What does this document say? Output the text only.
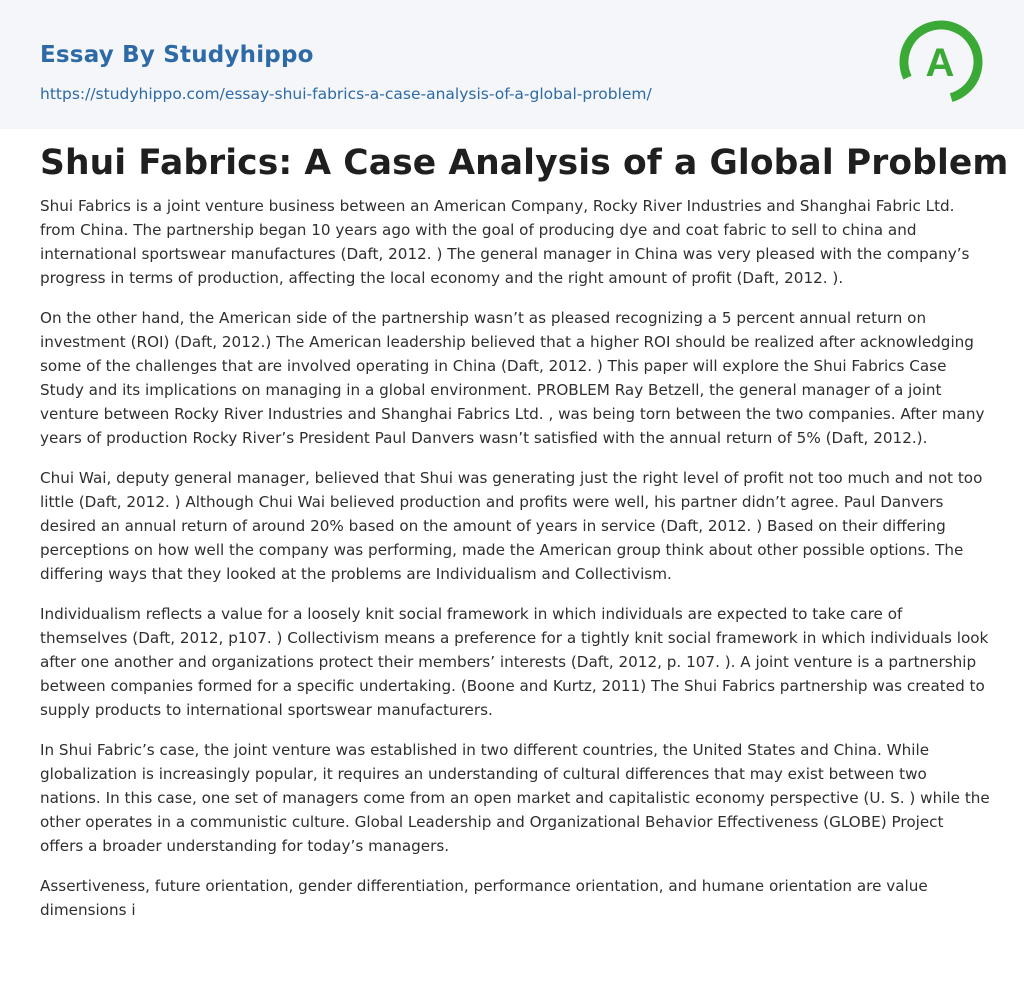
Essay By Studyhippo
https://studyhippo.com/essay-shui-fabrics-a-case-analysis-of-a-global-problem/
A
Shui Fabrics: A Case Analysis of a Global Problem

Shui Fabrics is a joint venture business between an American Company, Rocky River Industries and Shanghai Fabric Ltd. from China. The partnership began 10 years ago with the goal of producing dye and coat fabric to sell to china and international sportswear manufactures (Daft, 2012. ) The general manager in China was very pleased with the company’s progress in terms of production, affecting the local economy and the right amount of profit (Daft, 2012. ).

On the other hand, the American side of the partnership wasn’t as pleased recognizing a 5 percent annual return on investment (ROI) (Daft, 2012.) The American leadership believed that a higher ROI should be realized after acknowledging some of the challenges that are involved operating in China (Daft, 2012. ) This paper will explore the Shui Fabrics Case Study and its implications on managing in a global environment. PROBLEM Ray Betzell, the general manager of a joint venture between Rocky River Industries and Shanghai Fabrics Ltd. , was being torn between the two companies. After many years of production Rocky River’s President Paul Danvers wasn’t satisfied with the annual return of 5% (Daft, 2012.).

Chui Wai, deputy general manager, believed that Shui was generating just the right level of profit not too much and not too little (Daft, 2012. ) Although Chui Wai believed production and profits were well, his partner didn’t agree. Paul Danvers desired an annual return of around 20% based on the amount of years in service (Daft, 2012. ) Based on their differing perceptions on how well the company was performing, made the American group think about other possible options. The differing ways that they looked at the problems are Individualism and Collectivism.

Individualism reflects a value for a loosely knit social framework in which individuals are expected to take care of themselves (Daft, 2012, p107. ) Collectivism means a preference for a tightly knit social framework in which individuals look after one another and organizations protect their members’ interests (Daft, 2012, p. 107. ). A joint venture is a partnership between companies formed for a specific undertaking. (Boone and Kurtz, 2011) The Shui Fabrics partnership was created to supply products to international sportswear manufacturers.

In Shui Fabric’s case, the joint venture was established in two different countries, the United States and China. While globalization is increasingly popular, it requires an understanding of cultural differences that may exist between two nations. In this case, one set of managers come from an open market and capitalistic economy perspective (U. S. ) while the other operates in a communistic culture. Global Leadership and Organizational Behavior Effectiveness (GLOBE) Project offers a broader understanding for today’s managers.

Assertiveness, future orientation, gender differentiation, performance orientation, and humane orientation are value dimensions i
